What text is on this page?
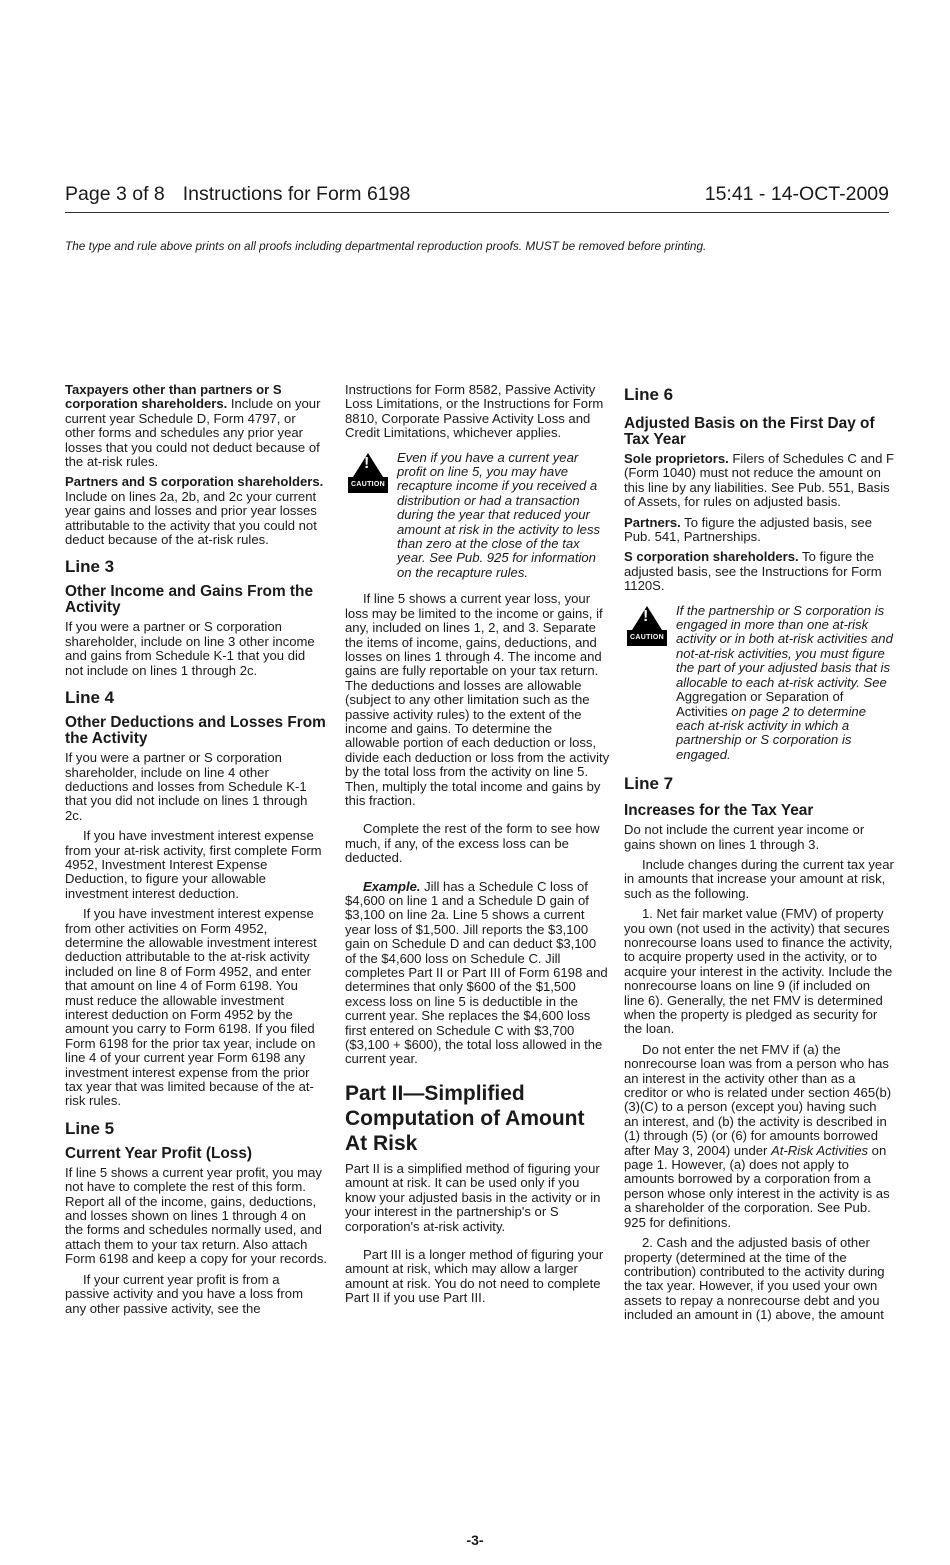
Page 3 of 8 Instructions for Form 6198	15:41 - 14-OCT-2009
The type and rule above prints on all proofs including departmental reproduction proofs. MUST be removed before printing.

Taxpayers other than partners or S corporation shareholders. Include on your current year Schedule D, Form 4797, or other forms and schedules any prior year losses that you could not deduct because of the at-risk rules.

Partners and S corporation shareholders. Include on lines 2a, 2b, and 2c your current year gains and losses and prior year losses attributable to the activity that you could not deduct because of the at-risk rules.

Line 3
Other Income and Gains From the Activity

If you were a partner or S corporation shareholder, include on line 3 other income and gains from Schedule K-1 that you did not include on lines 1 through 2c.

Line 4
Other Deductions and Losses From the Activity

If you were a partner or S corporation shareholder, include on line 4 other deductions and losses from Schedule K-1 that you did not include on lines 1 through 2c.

If you have investment interest expense from your at-risk activity, first complete Form 4952, Investment Interest Expense Deduction, to figure your allowable investment interest deduction.

If you have investment interest expense from other activities on Form 4952, determine the allowable investment interest deduction attributable to the at-risk activity included on line 8 of Form 4952, and enter that amount on line 4 of Form 6198. You must reduce the allowable investment interest deduction on Form 4952 by the amount you carry to Form 6198. If you filed Form 6198 for the prior tax year, include on line 4 of your current year Form 6198 any investment interest expense from the prior tax year that was limited because of the at-risk rules.

Line 5
Current Year Profit (Loss)

If line 5 shows a current year profit, you may not have to complete the rest of this form. Report all of the income, gains, deductions, and losses shown on lines 1 through 4 on the forms and schedules normally used, and attach them to your tax return. Also attach Form 6198 and keep a copy for your records.

If your current year profit is from a passive activity and you have a loss from any other passive activity, see the

Instructions for Form 8582, Passive Activity Loss Limitations, or the Instructions for Form 8810, Corporate Passive Activity Loss and Credit Limitations, whichever applies.

!
CAUTION
Even if you have a current year profit on line 5, you may have recapture income if you received a distribution or had a transaction during the year that reduced your amount at risk in the activity to less than zero at the close of the tax year. See Pub. 925 for information on the recapture rules.

If line 5 shows a current year loss, your loss may be limited to the income or gains, if any, included on lines 1, 2, and 3. Separate the items of income, gains, deductions, and losses on lines 1 through 4. The income and gains are fully reportable on your tax return. The deductions and losses are allowable (subject to any other limitation such as the passive activity rules) to the extent of the income and gains. To determine the allowable portion of each deduction or loss, divide each deduction or loss from the activity by the total loss from the activity on line 5. Then, multiply the total income and gains by this fraction.

Complete the rest of the form to see how much, if any, of the excess loss can be deducted.

Example. Jill has a Schedule C loss of $4,600 on line 1 and a Schedule D gain of $3,100 on line 2a. Line 5 shows a current year loss of $1,500. Jill reports the $3,100 gain on Schedule D and can deduct $3,100 of the $4,600 loss on Schedule C. Jill completes Part II or Part III of Form 6198 and determines that only $600 of the $1,500 excess loss on line 5 is deductible in the current year. She replaces the $4,600 loss first entered on Schedule C with $3,700 ($3,100 + $600), the total loss allowed in the current year.

Part II—Simplified Computation of Amount At Risk

Part II is a simplified method of figuring your amount at risk. It can be used only if you know your adjusted basis in the activity or in your interest in the partnership's or S corporation's at-risk activity.

Part III is a longer method of figuring your amount at risk, which may allow a larger amount at risk. You do not need to complete Part II if you use Part III.

Line 6
Adjusted Basis on the First Day of Tax Year

Sole proprietors. Filers of Schedules C and F (Form 1040) must not reduce the amount on this line by any liabilities. See Pub. 551, Basis of Assets, for rules on adjusted basis.

Partners. To figure the adjusted basis, see Pub. 541, Partnerships.

S corporation shareholders. To figure the adjusted basis, see the Instructions for Form 1120S.

!
CAUTION
If the partnership or S corporation is engaged in more than one at-risk activity or in both at-risk activities and not-at-risk activities, you must figure the part of your adjusted basis that is allocable to each at-risk activity. See Aggregation or Separation of Activities on page 2 to determine each at-risk activity in which a partnership or S corporation is engaged.
Line 7
Increases for the Tax Year

Do not include the current year income or gains shown on lines 1 through 3.

Include changes during the current tax year in amounts that increase your amount at risk, such as the following.

1. Net fair market value (FMV) of property you own (not used in the activity) that secures nonrecourse loans used to finance the activity, to acquire property used in the activity, or to acquire your interest in the activity. Include the nonrecourse loans on line 9 (if included on line 6). Generally, the net FMV is determined when the property is pledged as security for the loan.

Do not enter the net FMV if (a) the nonrecourse loan was from a person who has an interest in the activity other than as a creditor or who is related under section 465(b)(3)(C) to a person (except you) having such an interest, and (b) the activity is described in (1) through (5) (or (6) for amounts borrowed after May 3, 2004) under At-Risk Activities on page 1. However, (a) does not apply to amounts borrowed by a corporation from a person whose only interest in the activity is as a shareholder of the corporation. See Pub. 925 for definitions.

2. Cash and the adjusted basis of other property (determined at the time of the contribution) contributed to the activity during the tax year. However, if you used your own assets to repay a nonrecourse debt and you included an amount in (1) above, the amount

-3-
